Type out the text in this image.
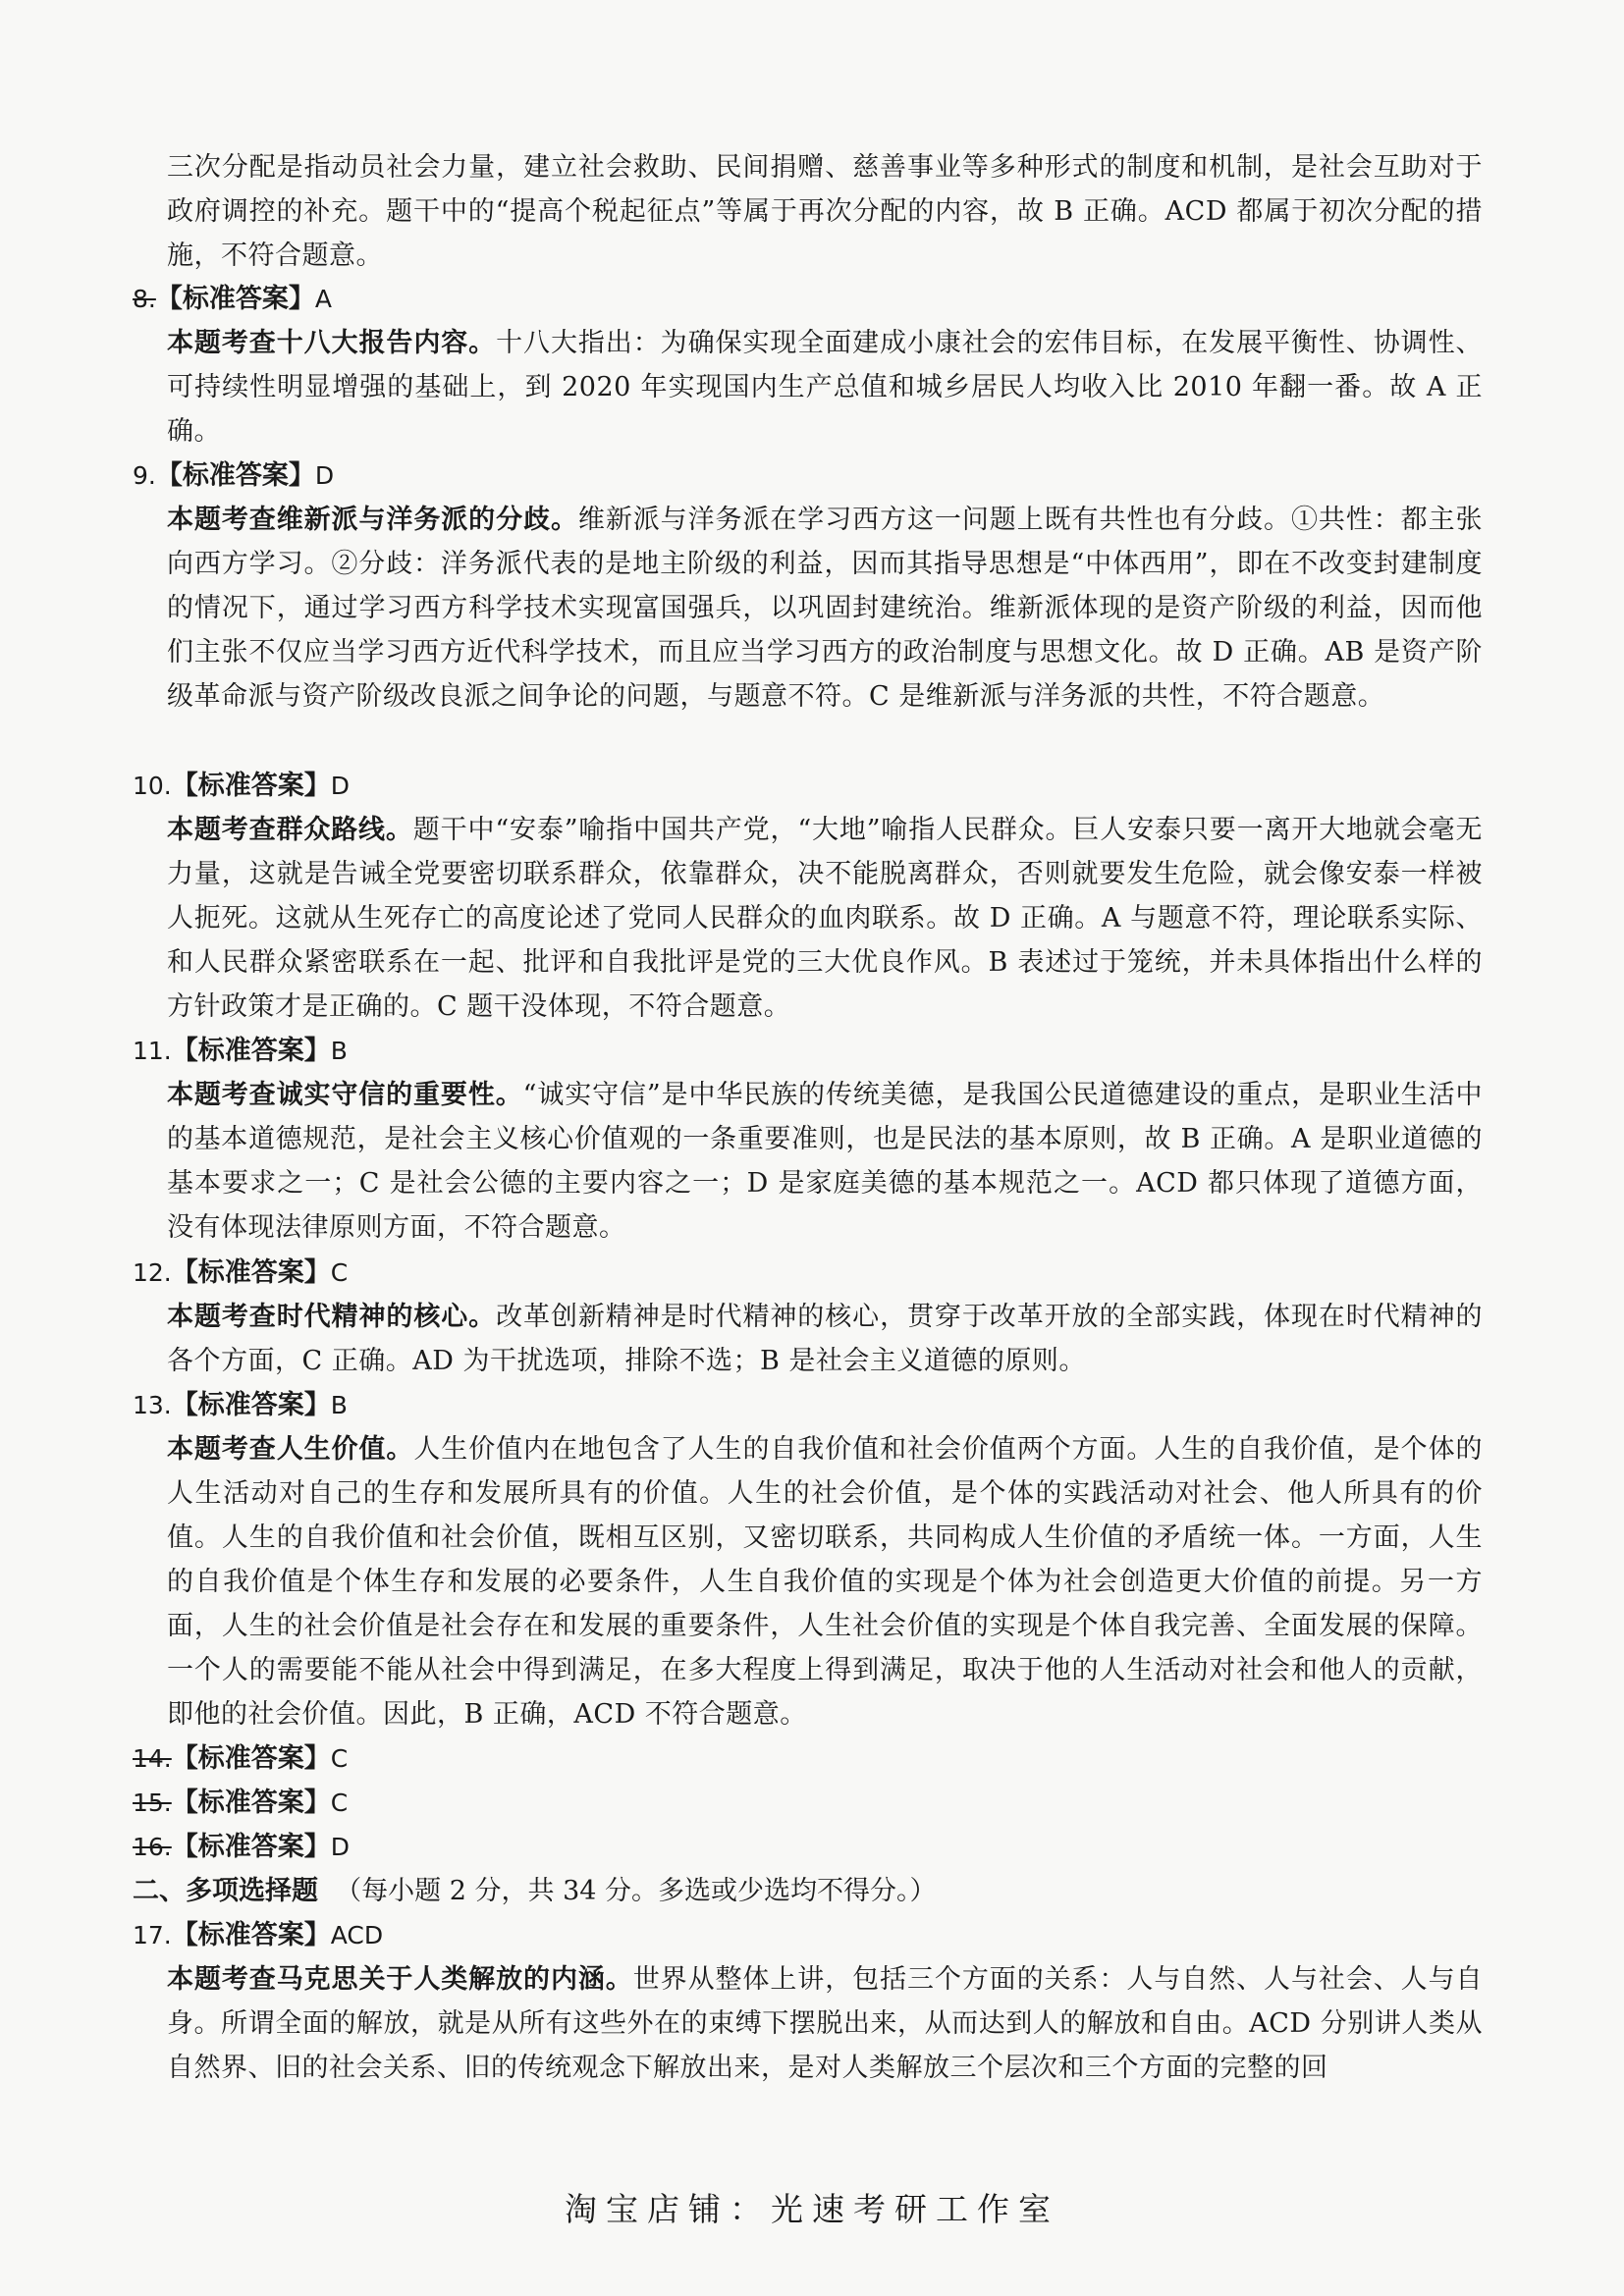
三次分配是指动员社会力量，建立社会救助、民间捐赠、慈善事业等多种形式的制度和机制，是社会互助对于政府调控的补充。题干中的“提高个税起征点”等属于再次分配的内容，故 B 正确。ACD 都属于初次分配的措施，不符合题意。
8.【标准答案】A
本题考查十八大报告内容。十八大指出：为确保实现全面建成小康社会的宏伟目标，在发展平衡性、协调性、可持续性明显增强的基础上，到 2020 年实现国内生产总值和城乡居民人均收入比 2010 年翻一番。故 A 正确。
9.【标准答案】D
本题考查维新派与洋务派的分歧。维新派与洋务派在学习西方这一问题上既有共性也有分歧。①共性：都主张向西方学习。②分歧：洋务派代表的是地主阶级的利益，因而其指导思想是“中体西用”，即在不改变封建制度的情况下，通过学习西方科学技术实现富国强兵，以巩固封建统治。维新派体现的是资产阶级的利益，因而他们主张不仅应当学习西方近代科学技术，而且应当学习西方的政治制度与思想文化。故 D 正确。AB 是资产阶级革命派与资产阶级改良派之间争论的问题，与题意不符。C 是维新派与洋务派的共性，不符合题意。
10.【标准答案】D
本题考查群众路线。题干中“安泰”喻指中国共产党，“大地”喻指人民群众。巨人安泰只要一离开大地就会毫无力量，这就是告诫全党要密切联系群众，依靠群众，决不能脱离群众，否则就要发生危险，就会像安泰一样被人扼死。这就从生死存亡的高度论述了党同人民群众的血肉联系。故 D 正确。A 与题意不符，理论联系实际、和人民群众紧密联系在一起、批评和自我批评是党的三大优良作风。B 表述过于笼统，并未具体指出什么样的方针政策才是正确的。C 题干没体现，不符合题意。
11.【标准答案】B
本题考查诚实守信的重要性。“诚实守信”是中华民族的传统美德，是我国公民道德建设的重点，是职业生活中的基本道德规范，是社会主义核心价值观的一条重要准则，也是民法的基本原则，故 B 正确。A 是职业道德的基本要求之一；C 是社会公德的主要内容之一；D 是家庭美德的基本规范之一。ACD 都只体现了道德方面，没有体现法律原则方面，不符合题意。
12.【标准答案】C
本题考查时代精神的核心。改革创新精神是时代精神的核心，贯穿于改革开放的全部实践，体现在时代精神的各个方面，C 正确。AD 为干扰选项，排除不选；B 是社会主义道德的原则。
13.【标准答案】B
本题考查人生价值。人生价值内在地包含了人生的自我价值和社会价值两个方面。人生的自我价值，是个体的人生活动对自己的生存和发展所具有的价值。人生的社会价值，是个体的实践活动对社会、他人所具有的价值。人生的自我价值和社会价值，既相互区别，又密切联系，共同构成人生价值的矛盾统一体。一方面，人生的自我价值是个体生存和发展的必要条件，人生自我价值的实现是个体为社会创造更大价值的前提。另一方面，人生的社会价值是社会存在和发展的重要条件，人生社会价值的实现是个体自我完善、全面发展的保障。一个人的需要能不能从社会中得到满足，在多大程度上得到满足，取决于他的人生活动对社会和他人的贡献，即他的社会价值。因此，B 正确，ACD 不符合题意。
14.【标准答案】C
15.【标准答案】C
16.【标准答案】D
二、多项选择题 （每小题 2 分，共 34 分。多选或少选均不得分。）
17.【标准答案】ACD
本题考查马克思关于人类解放的内涵。世界从整体上讲，包括三个方面的关系：人与自然、人与社会、人与自身。所谓全面的解放，就是从所有这些外在的束缚下摆脱出来，从而达到人的解放和自由。ACD 分别讲人类从自然界、旧的社会关系、旧的传统观念下解放出来，是对人类解放三个层次和三个方面的完整的回
淘宝店铺：光速考研工作室
